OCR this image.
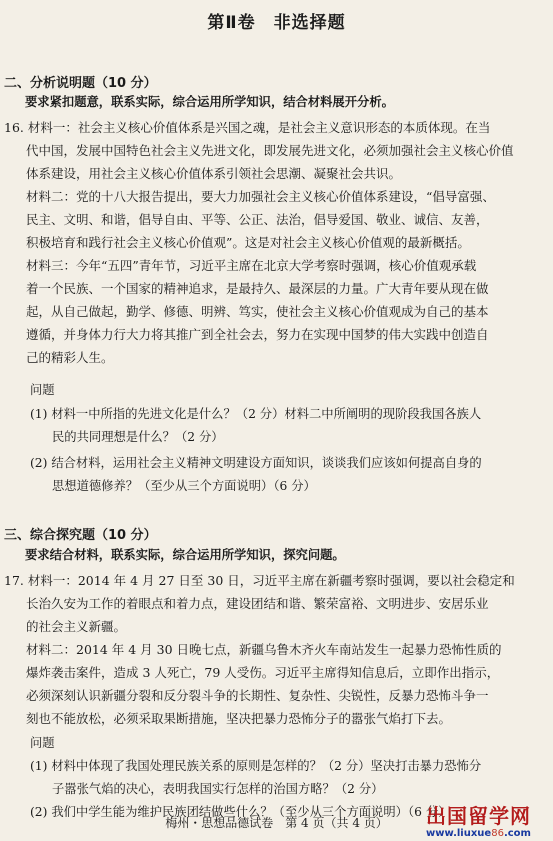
第Ⅱ卷　非选择题
二、分析说明题（10 分）
要求紧扣题意，联系实际，综合运用所学知识，结合材料展开分析。
16. 材料一：社会主义核心价值体系是兴国之魂，是社会主义意识形态的本质体现。在当
代中国，发展中国特色社会主义先进文化，即发展先进文化，必须加强社会主义核心价值
体系建设，用社会主义核心价值体系引领社会思潮、凝聚社会共识。
材料二：党的十八大报告提出，要大力加强社会主义核心价值体系建设，“倡导富强、
民主、文明、和谐，倡导自由、平等、公正、法治，倡导爱国、敬业、诚信、友善，
积极培育和践行社会主义核心价值观”。这是对社会主义核心价值观的最新概括。
材料三：今年“五四”青年节，习近平主席在北京大学考察时强调，核心价值观承载
着一个民族、一个国家的精神追求，是最持久、最深层的力量。广大青年要从现在做
起，从自己做起，勤学、修德、明辨、笃实，使社会主义核心价值观成为自己的基本
遵循，并身体力行大力将其推广到全社会去，努力在实现中国梦的伟大实践中创造自
己的精彩人生。
问题
(1) 材料一中所指的先进文化是什么？（2 分）材料二中所阐明的现阶段我国各族人
民的共同理想是什么？（2 分）
(2) 结合材料，运用社会主义精神文明建设方面知识，谈谈我们应该如何提高自身的
思想道德修养？（至少从三个方面说明）（6 分）
三、综合探究题（10 分）
要求结合材料，联系实际，综合运用所学知识，探究问题。
17. 材料一：2014 年 4 月 27 日至 30 日，习近平主席在新疆考察时强调，要以社会稳定和
长治久安为工作的着眼点和着力点，建设团结和谐、繁荣富裕、文明进步、安居乐业
的社会主义新疆。
材料二：2014 年 4 月 30 日晚七点，新疆乌鲁木齐火车南站发生一起暴力恐怖性质的
爆炸袭击案件，造成 3 人死亡，79 人受伤。习近平主席得知信息后，立即作出指示，
必须深刻认识新疆分裂和反分裂斗争的长期性、复杂性、尖锐性，反暴力恐怖斗争一
刻也不能放松，必须采取果断措施，坚决把暴力恐怖分子的嚣张气焰打下去。
问题
(1) 材料中体现了我国处理民族关系的原则是怎样的？（2 分）坚决打击暴力恐怖分
子嚣张气焰的决心，表明我国实行怎样的治国方略？（2 分）
(2) 我们中学生能为维护民族团结做些什么？（至少从三个方面说明）（6 分）
梅州・思想品德试卷　第 4 页（共 4 页）	出国留学网
www.liuxue86.com
